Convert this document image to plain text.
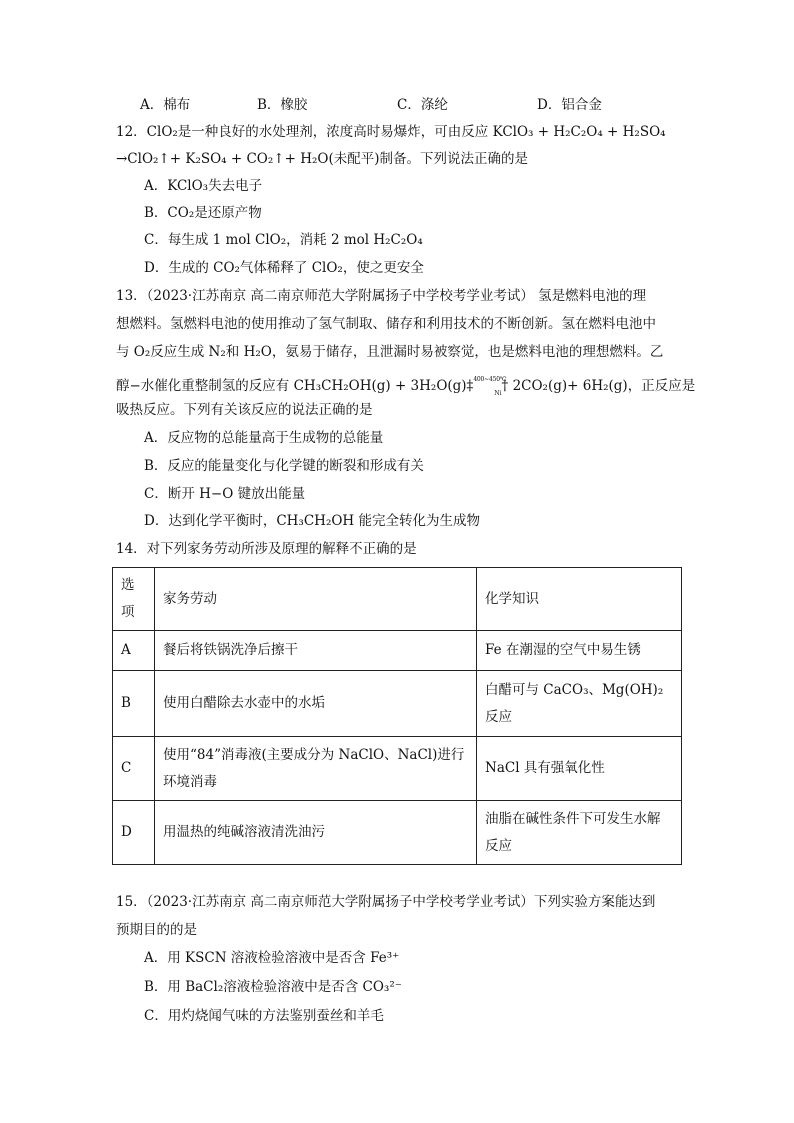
A．棉布	B．橡胶	C．涤纶	D．铝合金
12．ClO₂是一种良好的水处理剂，浓度高时易爆炸，可由反应 KClO₃ + H₂C₂O₄ + H₂SO₄
→ClO₂↑+ K₂SO₄ + CO₂↑+ H₂O(未配平)制备。下列说法正确的是
A．KClO₃失去电子
B．CO₂是还原产物
C．每生成 1 mol ClO₂，消耗 2 mol H₂C₂O₄
D．生成的 CO₂气体稀释了 ClO₂，使之更安全
13．（2023·江苏南京 高二南京师范大学附属扬子中学校考学业考试） 氢是燃料电池的理
想燃料。氢燃料电池的使用推动了氢气制取、储存和利用技术的不断创新。氢在燃料电池中
与 O₂反应生成 N₂和 H₂O，氨易于储存，且泄漏时易被察觉，也是燃料电池的理想燃料。乙
醇−水催化重整制氢的反应有 CH₃CH₂OH(g) + 3H₂O(g)‡$^{400\sim 450℃}_{Ni}$† 2CO₂(g)+ 6H₂(g)，正反应是
吸热反应。下列有关该反应的说法正确的是
A．反应物的总能量高于生成物的总能量
B．反应的能量变化与化学键的断裂和形成有关
C．断开 H−O 键放出能量
D．达到化学平衡时，CH₃CH₂OH 能完全转化为生成物
14．对下列家务劳动所涉及原理的解释不正确的是
选项	家务劳动	化学知识
A	餐后将铁锅洗净后擦干	Fe 在潮湿的空气中易生锈
B	使用白醋除去水壶中的水垢	白醋可与 CaCO₃、Mg(OH)₂反应
C	使用“84”消毒液(主要成分为 NaClO、NaCl)进行环境消毒	NaCl 具有强氧化性
D	用温热的纯碱溶液清洗油污	油脂在碱性条件下可发生水解反应
15．（2023·江苏南京 高二南京师范大学附属扬子中学校考学业考试）下列实验方案能达到
预期目的的是
A．用 KSCN 溶液检验溶液中是否含 Fe³⁺
B．用 BaCl₂溶液检验溶液中是否含 CO₃²⁻
C．用灼烧闻气味的方法鉴别蚕丝和羊毛
